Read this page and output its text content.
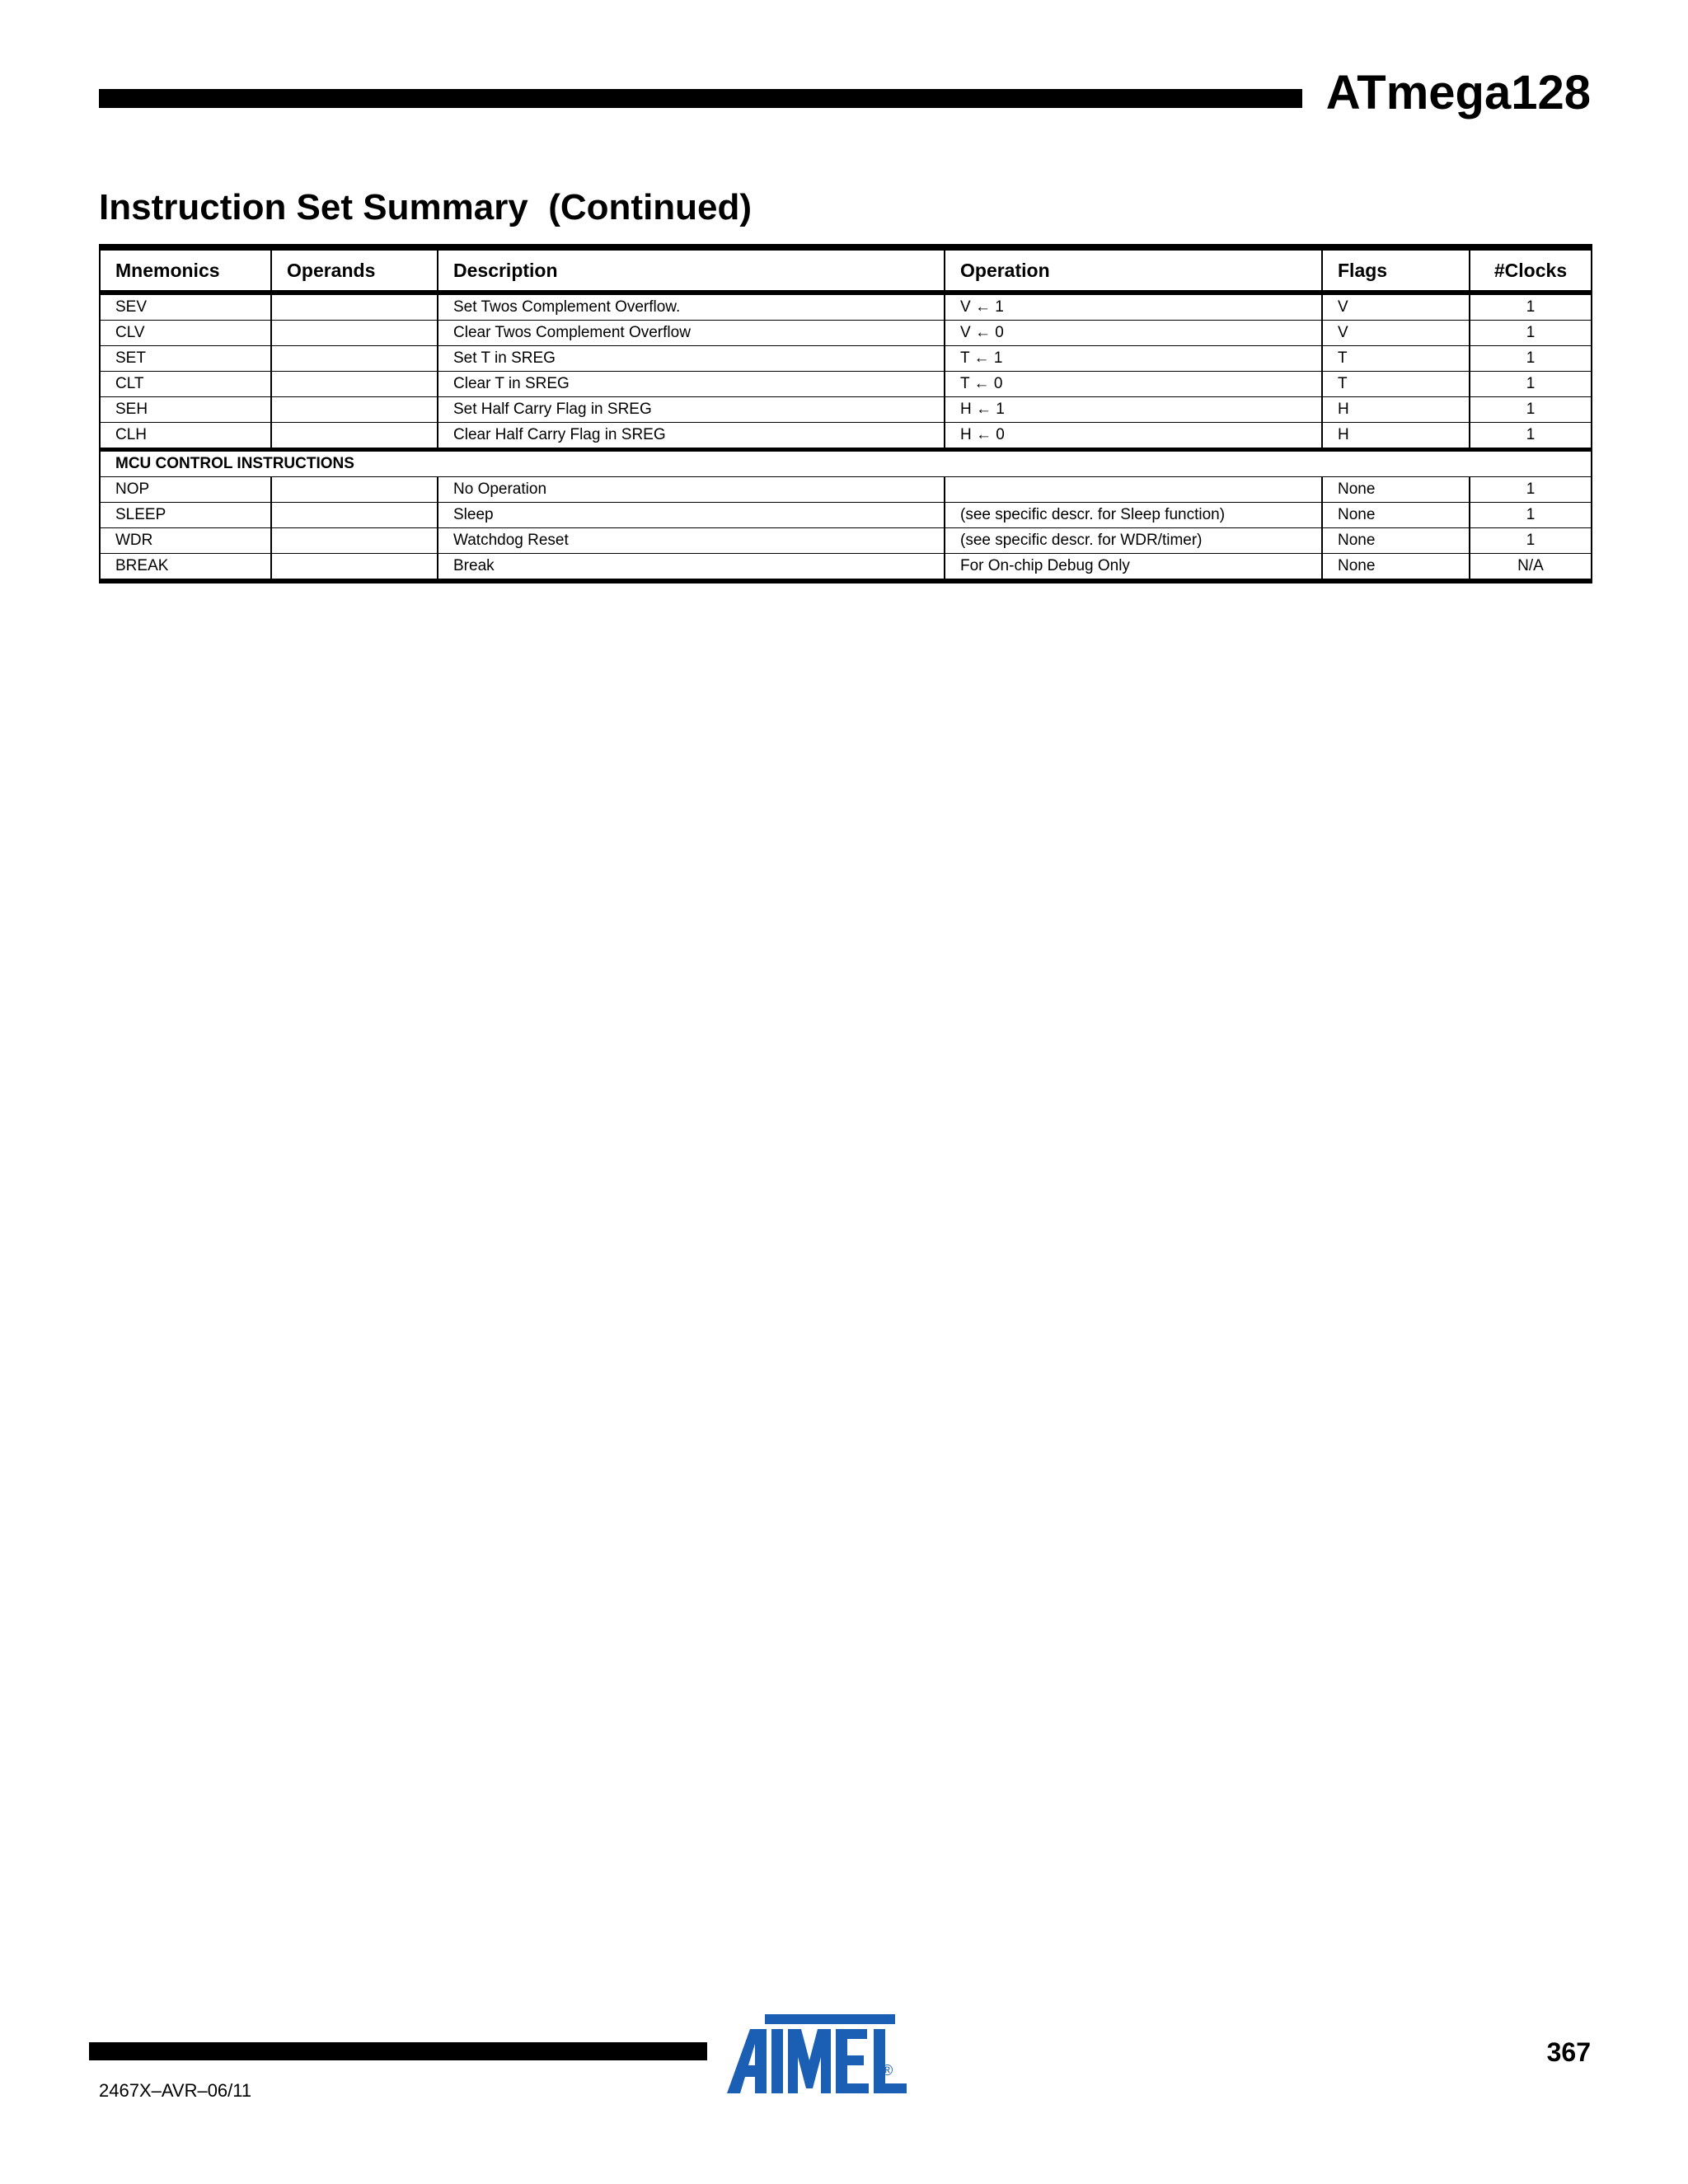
ATmega128
Instruction Set Summary  (Continued)
Mnemonics	Operands	Description	Operation	Flags	#Clocks
SEV		Set Twos Complement Overflow.	V ← 1	V	1
CLV		Clear Twos Complement Overflow	V ← 0	V	1
SET		Set T in SREG	T ← 1	T	1
CLT		Clear T in SREG	T ← 0	T	1
SEH		Set Half Carry Flag in SREG	H ← 1	H	1
CLH		Clear Half Carry Flag in SREG	H ← 0	H	1
MCU CONTROL INSTRUCTIONS					
NOP		No Operation		None	1
SLEEP		Sleep	(see specific descr. for Sleep function)	None	1
WDR		Watchdog Reset	(see specific descr. for WDR/timer)	None	1
BREAK		Break	For On-chip Debug Only	None	N/A
®
367
2467X–AVR–06/11
